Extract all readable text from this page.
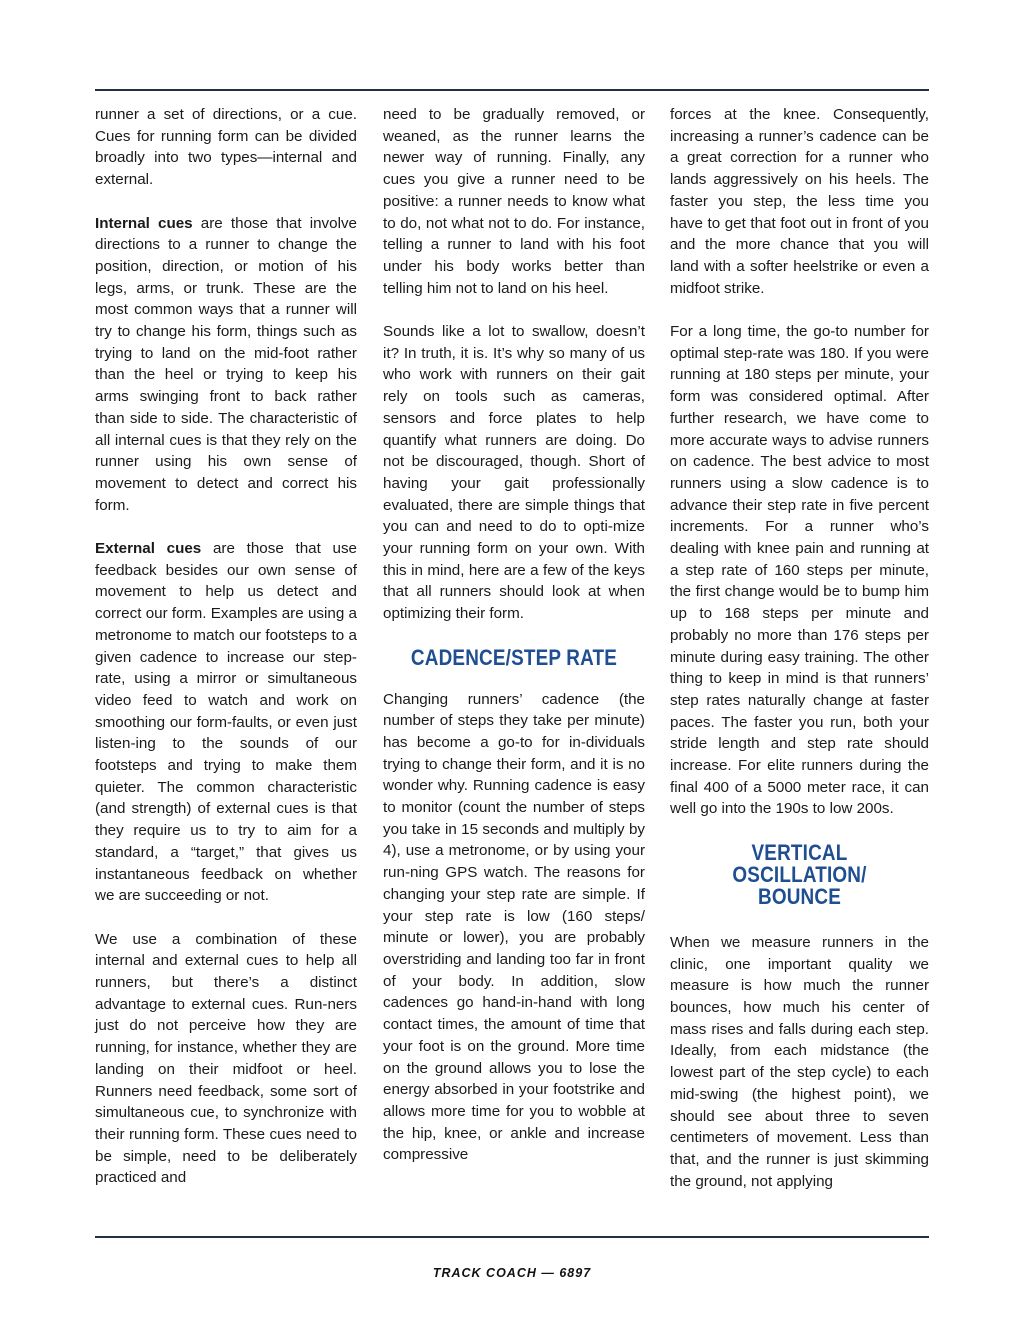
runner a set of directions, or a cue. Cues for running form can be divided broadly into two types—internal and external.

Internal cues are those that involve directions to a runner to change the position, direction, or motion of his legs, arms, or trunk. These are the most common ways that a runner will try to change his form, things such as trying to land on the mid-foot rather than the heel or trying to keep his arms swinging front to back rather than side to side. The characteristic of all internal cues is that they rely on the runner using his own sense of movement to detect and correct his form.

External cues are those that use feedback besides our own sense of movement to help us detect and correct our form. Examples are using a metronome to match our footsteps to a given cadence to increase our step-rate, using a mirror or simultaneous video feed to watch and work on smoothing our form-faults, or even just listen-ing to the sounds of our footsteps and trying to make them quieter. The common characteristic (and strength) of external cues is that they require us to try to aim for a standard, a “target,” that gives us instantaneous feedback on whether we are succeeding or not.

We use a combination of these internal and external cues to help all runners, but there’s a distinct advantage to external cues. Run-ners just do not perceive how they are running, for instance, whether they are landing on their midfoot or heel. Runners need feedback, some sort of simultaneous cue, to synchronize with their running form. These cues need to be simple, need to be deliberately practiced and

need to be gradually removed, or weaned, as the runner learns the newer way of running. Finally, any cues you give a runner need to be positive: a runner needs to know what to do, not what not to do. For instance, telling a runner to land with his foot under his body works better than telling him not to land on his heel.

Sounds like a lot to swallow, doesn’t it? In truth, it is. It’s why so many of us who work with runners on their gait rely on tools such as cameras, sensors and force plates to help quantify what runners are doing. Do not be discouraged, though. Short of having your gait professionally evaluated, there are simple things that you can and need to do to opti-mize your running form on your own. With this in mind, here are a few of the keys that all runners should look at when optimizing their form.

CADENCE/STEP RATE

Changing runners’ cadence (the number of steps they take per minute) has become a go-to for in-dividuals trying to change their form, and it is no wonder why. Running cadence is easy to monitor (count the number of steps you take in 15 seconds and multiply by 4), use a metronome, or by using your run-ning GPS watch. The reasons for changing your step rate are simple. If your step rate is low (160 steps/ minute or lower), you are probably overstriding and landing too far in front of your body. In addition, slow cadences go hand-in-hand with long contact times, the amount of time that your foot is on the ground. More time on the ground allows you to lose the energy absorbed in your footstrike and allows more time for you to wobble at the hip, knee, or ankle and increase compressive

forces at the knee. Consequently, increasing a runner’s cadence can be a great correction for a runner who lands aggressively on his heels. The faster you step, the less time you have to get that foot out in front of you and the more chance that you will land with a softer heelstrike or even a midfoot strike.

For a long time, the go-to number for optimal step-rate was 180. If you were running at 180 steps per minute, your form was considered optimal. After further research, we have come to more accurate ways to advise runners on cadence. The best advice to most runners using a slow cadence is to advance their step rate in five percent increments. For a runner who’s dealing with knee pain and running at a step rate of 160 steps per minute, the first change would be to bump him up to 168 steps per minute and probably no more than 176 steps per minute during easy training. The other thing to keep in mind is that runners’ step rates naturally change at faster paces. The faster you run, both your stride length and step rate should increase. For elite runners during the final 400 of a 5000 meter race, it can well go into the 190s to low 200s.

VERTICAL OSCILLATION/
BOUNCE

When we measure runners in the clinic, one important quality we measure is how much the runner bounces, how much his center of mass rises and falls during each step. Ideally, from each midstance (the lowest part of the step cycle) to each mid-swing (the highest point), we should see about three to seven centimeters of movement. Less than that, and the runner is just skimming the ground, not applying

TRACK COACH — 6897
